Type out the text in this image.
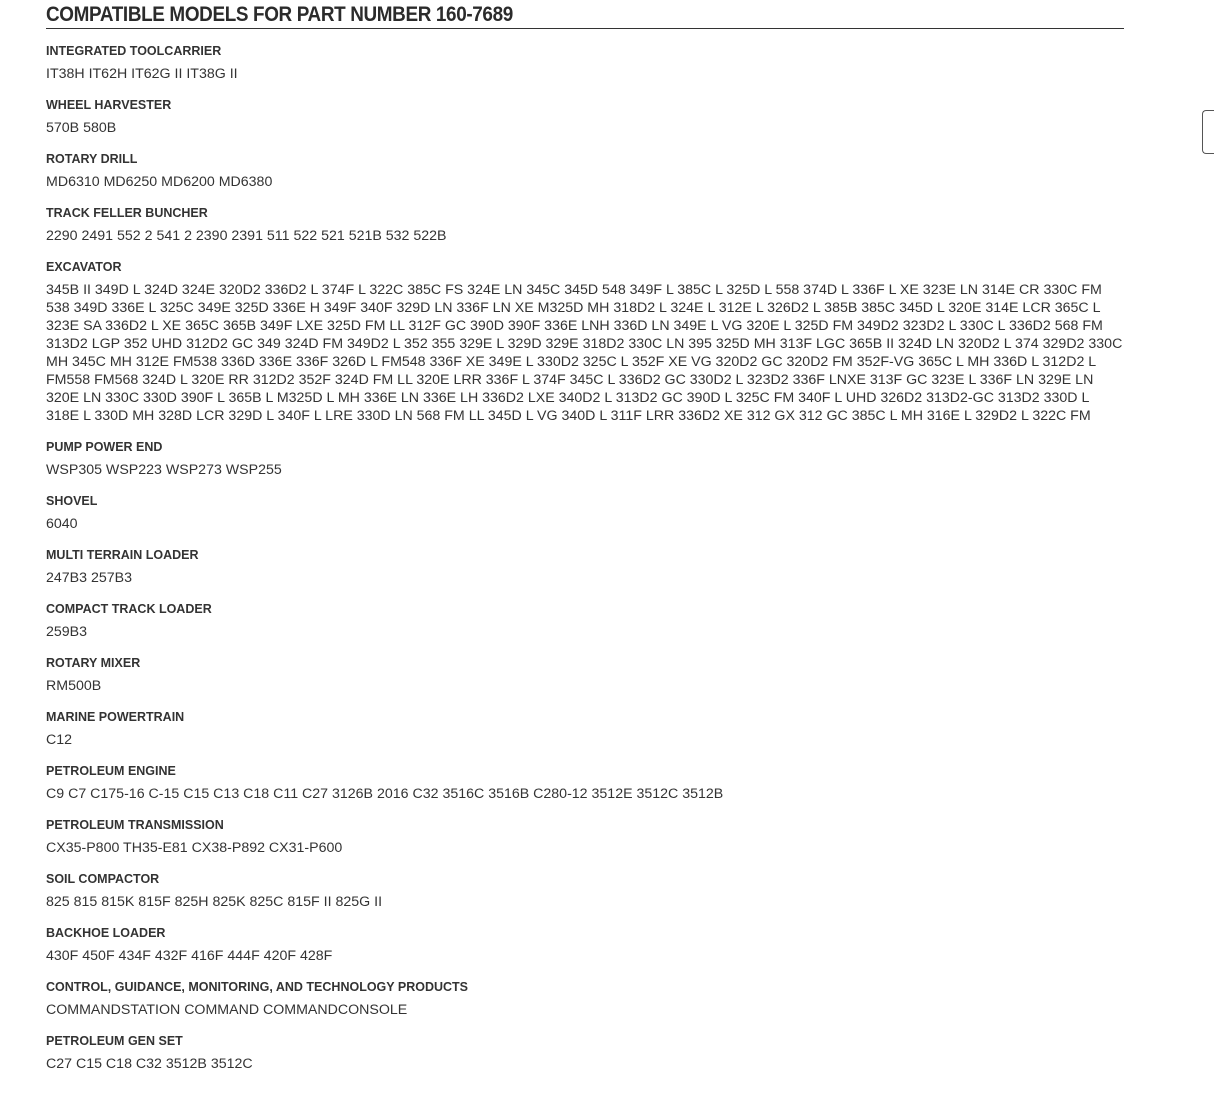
COMPATIBLE MODELS FOR PART NUMBER 160-7689
INTEGRATED TOOLCARRIER
IT38H IT62H IT62G II IT38G II
WHEEL HARVESTER
570B 580B
ROTARY DRILL
MD6310 MD6250 MD6200 MD6380
TRACK FELLER BUNCHER
2290 2491 552 2 541 2 2390 2391 511 522 521 521B 532 522B
EXCAVATOR
345B II 349D L 324D 324E 320D2 336D2 L 374F L 322C 385C FS 324E LN 345C 345D 548 349F L 385C L 325D L 558 374D L 336F L XE 323E LN 314E CR 330C FM 538 349D 336E L 325C 349E 325D 336E H 349F 340F 329D LN 336F LN XE M325D MH 318D2 L 324E L 312E L 326D2 L 385B 385C 345D L 320E 314E LCR 365C L 323E SA 336D2 L XE 365C 365B 349F LXE 325D FM LL 312F GC 390D 390F 336E LNH 336D LN 349E L VG 320E L 325D FM 349D2 323D2 L 330C L 336D2 568 FM 313D2 LGP 352 UHD 312D2 GC 349 324D FM 349D2 L 352 355 329E L 329D 329E 318D2 330C LN 395 325D MH 313F LGC 365B II 324D LN 320D2 L 374 329D2 330C MH 345C MH 312E FM538 336D 336E 336F 326D L FM548 336F XE 349E L 330D2 325C L 352F XE VG 320D2 GC 320D2 FM 352F-VG 365C L MH 336D L 312D2 L FM558 FM568 324D L 320E RR 312D2 352F 324D FM LL 320E LRR 336F L 374F 345C L 336D2 GC 330D2 L 323D2 336F LNXE 313F GC 323E L 336F LN 329E LN 320E LN 330C 330D 390F L 365B L M325D L MH 336E LN 336E LH 336D2 LXE 340D2 L 313D2 GC 390D L 325C FM 340F L UHD 326D2 313D2-GC 313D2 330D L 318E L 330D MH 328D LCR 329D L 340F L LRE 330D LN 568 FM LL 345D L VG 340D L 311F LRR 336D2 XE 312 GX 312 GC 385C L MH 316E L 329D2 L 322C FM
PUMP POWER END
WSP305 WSP223 WSP273 WSP255
SHOVEL
6040
MULTI TERRAIN LOADER
247B3 257B3
COMPACT TRACK LOADER
259B3
ROTARY MIXER
RM500B
MARINE POWERTRAIN
C12
PETROLEUM ENGINE
C9 C7 C175-16 C-15 C15 C13 C18 C11 C27 3126B 2016 C32 3516C 3516B C280-12 3512E 3512C 3512B
PETROLEUM TRANSMISSION
CX35-P800 TH35-E81 CX38-P892 CX31-P600
SOIL COMPACTOR
825 815 815K 815F 825H 825K 825C 815F II 825G II
BACKHOE LOADER
430F 450F 434F 432F 416F 444F 420F 428F
CONTROL, GUIDANCE, MONITORING, AND TECHNOLOGY PRODUCTS
COMMANDSTATION COMMAND COMMANDCONSOLE
PETROLEUM GEN SET
C27 C15 C18 C32 3512B 3512C
